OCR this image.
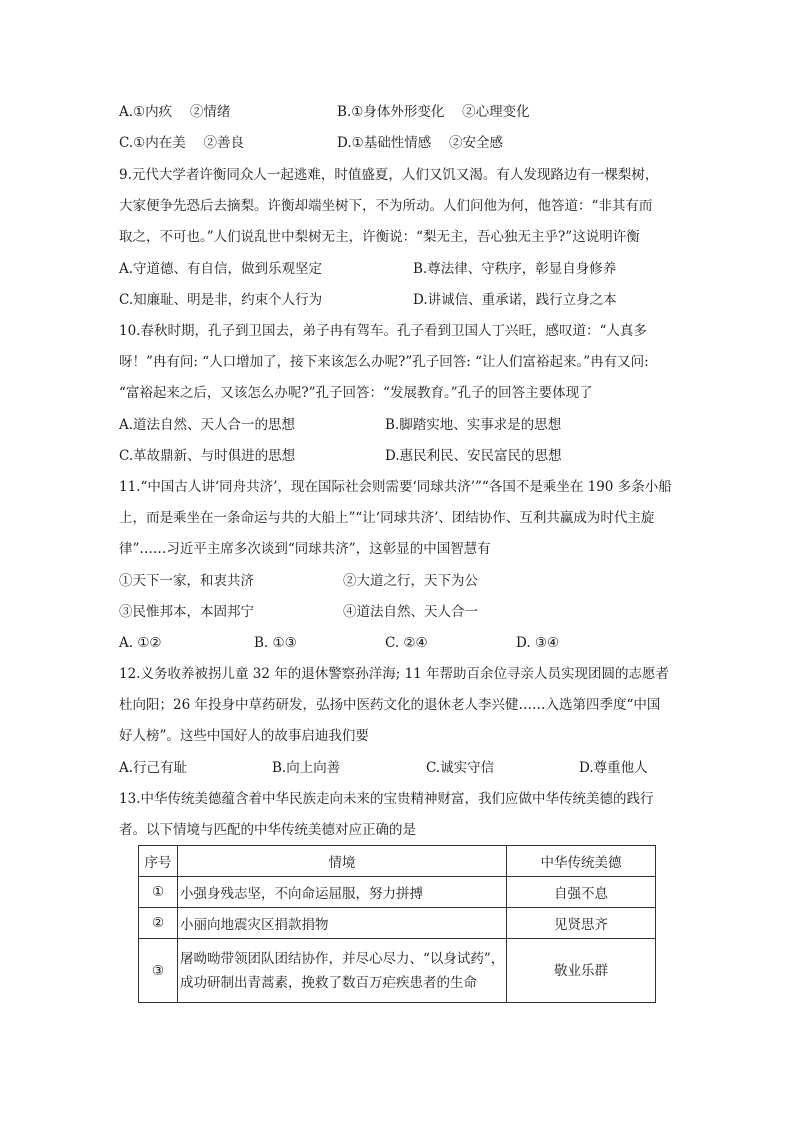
A.①内疚　 ②情绪	B.①身体外形变化　 ②心理变化
C.①内在美　 ②善良	D.①基础性情感　 ②安全感
9.元代大学者许衡同众人一起逃难，时值盛夏，人们又饥又渴。有人发现路边有一棵梨树，
大家便争先恐后去摘梨。许衡却端坐树下，不为所动。人们问他为何，他答道：“非其有而
取之，不可也。”人们说乱世中梨树无主，许衡说：“梨无主，吾心独无主乎?”这说明许衡
A.守道德、有自信，做到乐观坚定	B.尊法律、守秩序，彰显自身修养
C.知廉耻、明是非，约束个人行为	D.讲诚信、重承诺，践行立身之本
10.春秋时期，孔子到卫国去，弟子冉有驾车。孔子看到卫国人丁兴旺，感叹道：“人真多
呀！”冉有问: “人口增加了，接下来该怎么办呢?”孔子回答: “让人们富裕起来。”冉有又问:
“富裕起来之后，又该怎么办呢?”孔子回答：“发展教育。”孔子的回答主要体现了
A.道法自然、天人合一的思想	B.脚踏实地、实事求是的思想
C.革故鼎新、与时俱进的思想	D.惠民利民、安民富民的思想
11.“中国古人讲‘同舟共济’，现在国际社会则需要‘同球共济’”“各国不是乘坐在 190 多条小船
上，而是乘坐在一条命运与共的大船上”“让‘同球共济’、团结协作、互利共赢成为时代主旋
律”……习近平主席多次谈到“同球共济”，这彰显的中国智慧有
①天下一家，和衷共济	②大道之行，天下为公
③民惟邦本，本固邦宁	④道法自然、天人合一
A. ①②	B. ①③	C. ②④	D. ③④
12.义务收养被拐儿童 32 年的退休警察孙洋海; 11 年帮助百余位寻亲人员实现团圆的志愿者
杜向阳；26 年投身中草药研发，弘扬中医药文化的退休老人李兴健……入选第四季度“中国
好人榜”。这些中国好人的故事启迪我们要
A.行己有耻	B.向上向善	C.诚实守信	D.尊重他人
13.中华传统美德蕴含着中华民族走向未来的宝贵精神财富，我们应做中华传统美德的践行
者。以下情境与匹配的中华传统美德对应正确的是
序号	情境	中华传统美德
①	小强身残志坚，不向命运屈服，努力拼搏	自强不息
②	小丽向地震灾区捐款捐物	见贤思齐
③	屠呦呦带领团队团结协作，并尽心尽力、“以身试药”，
成功研制出青蒿素，挽救了数百万疟疾患者的生命	敬业乐群
